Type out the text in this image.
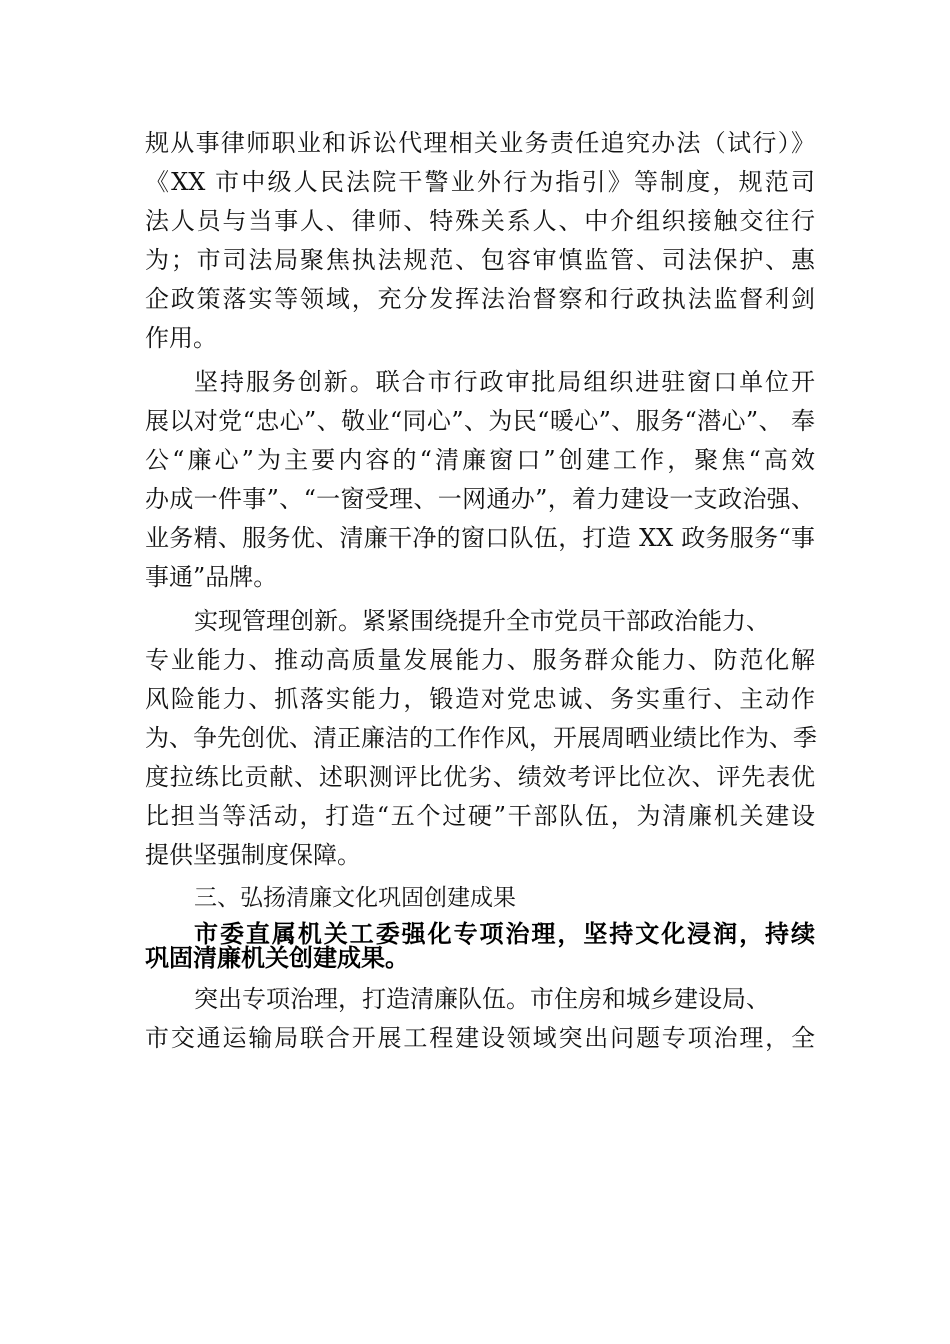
规从事律师职业和诉讼代理相关业务责任追究办法（试行）》
《XX 市中级人民法院干警业外行为指引》等制度，规范司
法人员与当事人、律师、特殊关系人、中介组织接触交往行
为；市司法局聚焦执法规范、包容审慎监管、司法保护、惠
企政策落实等领域，充分发挥法治督察和行政执法监督利剑
作用。
坚持服务创新。联合市行政审批局组织进驻窗口单位开
展以对党“忠心”、敬业“同心”、为民“暖心”、服务“潜心”、 奉
公“廉心”为主要内容的“清廉窗口”创建工作，聚焦“高效
办成一件事”、“一窗受理、一网通办”，着力建设一支政治强、
业务精、服务优、清廉干净的窗口队伍，打造 XX 政务服务“事
事通”品牌。
实现管理创新。紧紧围绕提升全市党员干部政治能力、
专业能力、推动高质量发展能力、服务群众能力、防范化解
风险能力、抓落实能力，锻造对党忠诚、务实重行、主动作
为、争先创优、清正廉洁的工作作风，开展周晒业绩比作为、季
度拉练比贡献、述职测评比优劣、绩效考评比位次、评先表优
比担当等活动，打造“五个过硬”干部队伍，为清廉机关建设
提供坚强制度保障。
三、弘扬清廉文化巩固创建成果
市委直属机关工委强化专项治理，坚持文化浸润，持续
巩固清廉机关创建成果。
突出专项治理，打造清廉队伍。市住房和城乡建设局、
市交通运输局联合开展工程建设领域突出问题专项治理，全
